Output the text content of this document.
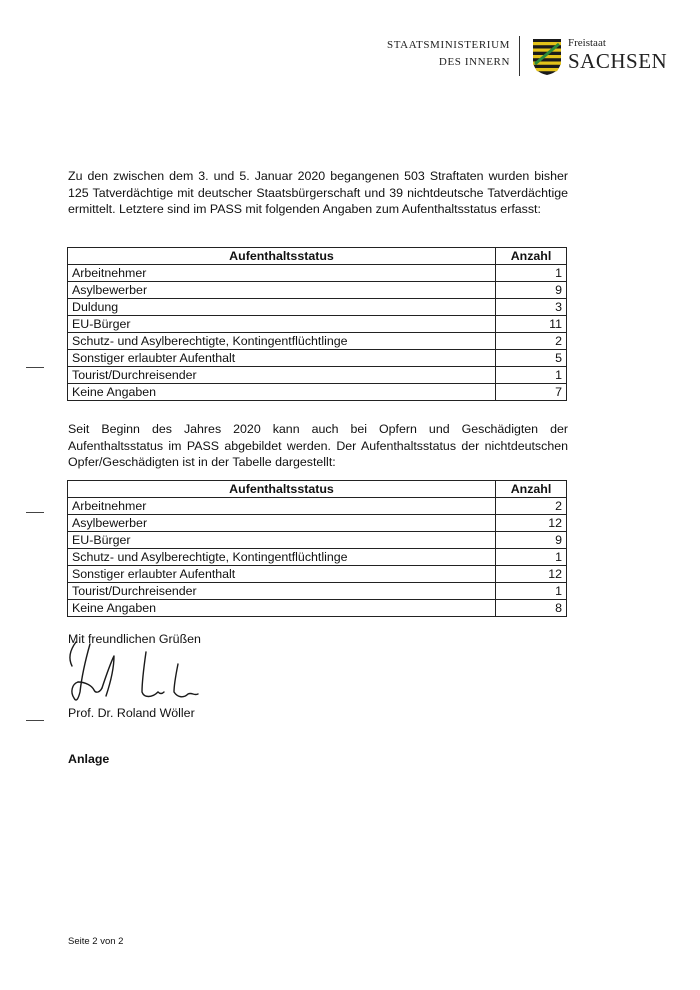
STAATSMINISTERIUM
DES INNERN
Freistaat
SACHSEN
Zu den zwischen dem 3. und 5. Januar 2020 begangenen 503 Straftaten wurden bisher 125 Tatverdächtige mit deutscher Staatsbürgerschaft und 39 nichtdeutsche Tatverdächtige ermittelt. Letztere sind im PASS mit folgenden Angaben zum Aufenthaltsstatus erfasst:
Aufenthaltsstatus	Anzahl
Arbeitnehmer	1
Asylbewerber	9
Duldung	3
EU-Bürger	11
Schutz- und Asylberechtigte, Kontingentflüchtlinge	2
Sonstiger erlaubter Aufenthalt	5
Tourist/Durchreisender	1
Keine Angaben	7
Seit Beginn des Jahres 2020 kann auch bei Opfern und Geschädigten der Aufenthaltsstatus im PASS abgebildet werden. Der Aufenthaltsstatus der nichtdeutschen Opfer/Geschädigten ist in der Tabelle dargestellt:
Aufenthaltsstatus	Anzahl
Arbeitnehmer	2
Asylbewerber	12
EU-Bürger	9
Schutz- und Asylberechtigte, Kontingentflüchtlinge	1
Sonstiger erlaubter Aufenthalt	12
Tourist/Durchreisender	1
Keine Angaben	8
Mit freundlichen Grüßen
Prof. Dr. Roland Wöller
Anlage
Seite 2 von 2
